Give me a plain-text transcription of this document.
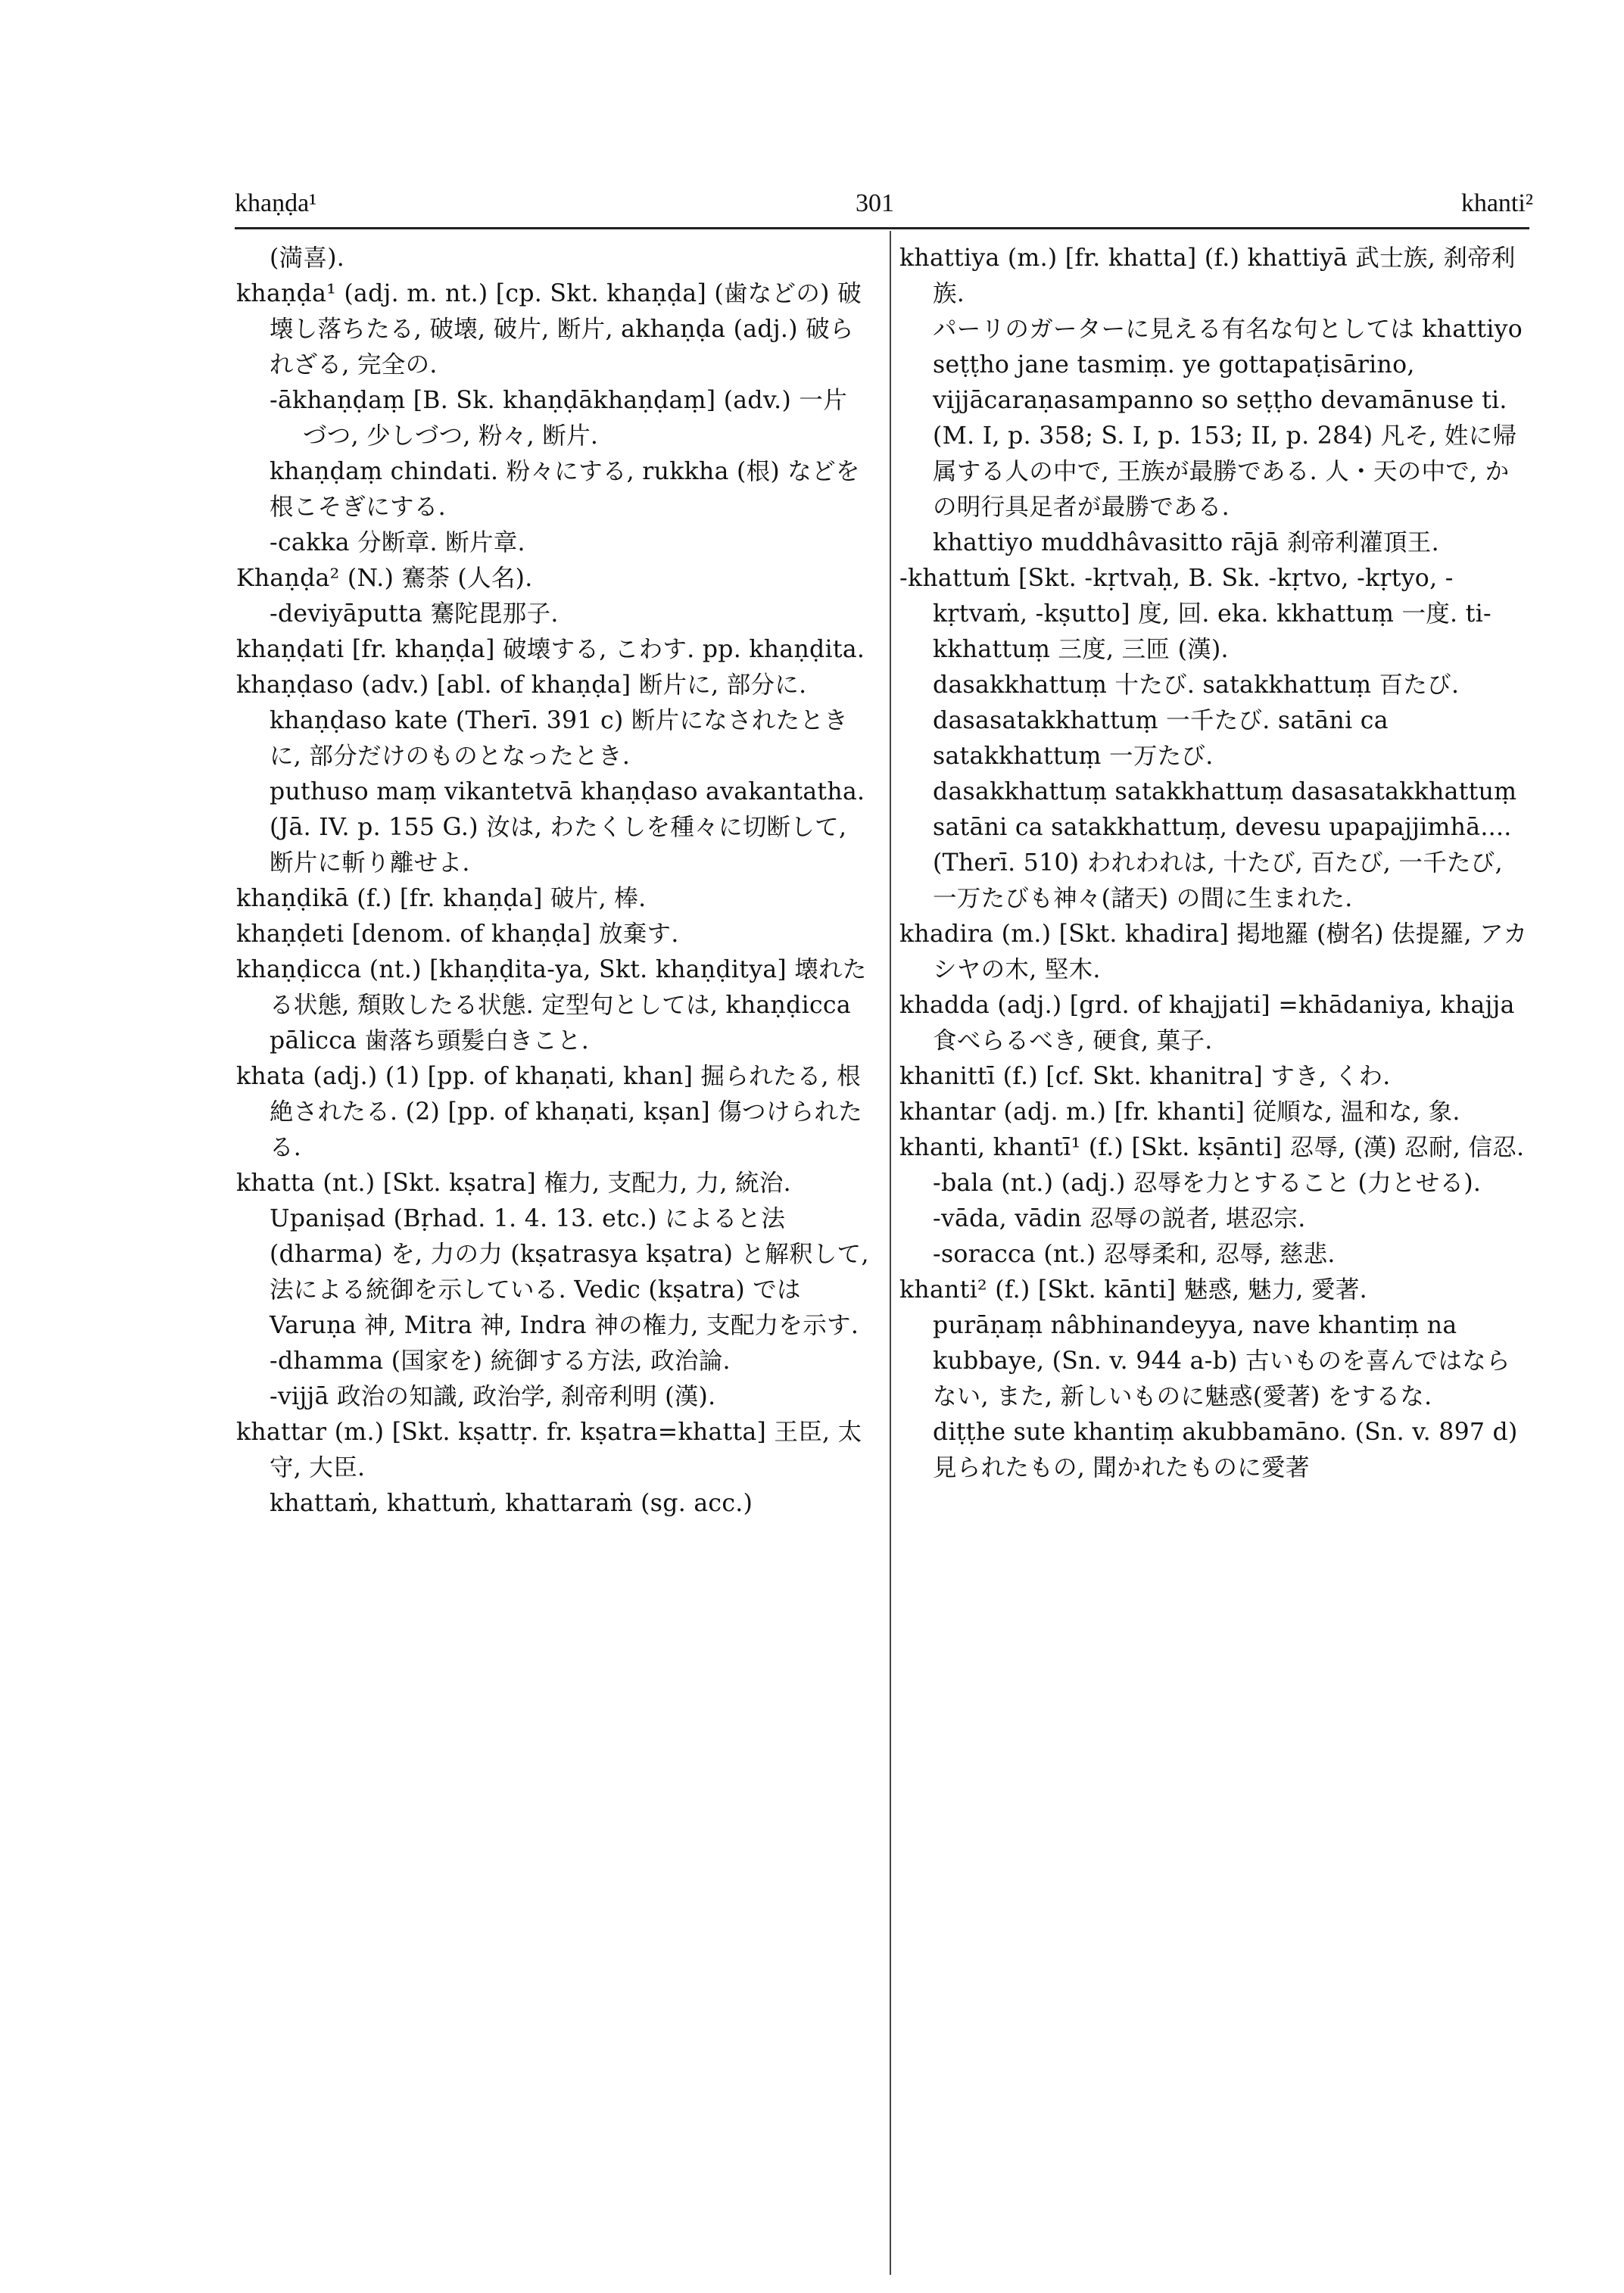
khaṇḍa¹	301	khanti²

(満喜).

khaṇḍa¹ (adj. m. nt.) [cp. Skt. khaṇḍa] (歯などの) 破壊し落ちたる, 破壊, 破片, 断片, akhaṇḍa (adj.) 破られざる, 完全の.

-ākhaṇḍaṃ [B. Sk. khaṇḍākhaṇḍaṃ] (adv.) 一片づつ, 少しづつ, 粉々, 断片.

khaṇḍaṃ chindati. 粉々にする, rukkha (根) などを根こそぎにする.

-cakka 分断章. 断片章.

Khaṇḍa² (N.) 騫荼 (人名).

-deviyāputta 騫陀毘那子.

khaṇḍati [fr. khaṇḍa] 破壊する, こわす. pp. khaṇḍita.

khaṇḍaso (adv.) [abl. of khaṇḍa] 断片に, 部分に.

khaṇḍaso kate (Therī. 391 c) 断片になされたときに, 部分だけのものとなったとき.

puthuso maṃ vikantetvā khaṇḍaso avakantatha. (Jā. IV. p. 155 G.) 汝は, わたくしを種々に切断して, 断片に斬り離せよ.

khaṇḍikā (f.) [fr. khaṇḍa] 破片, 棒.

khaṇḍeti [denom. of khaṇḍa] 放棄す.

khaṇḍicca (nt.) [khaṇḍita-ya, Skt. khaṇḍitya] 壊れたる状態, 頽敗したる状態. 定型句としては, khaṇḍicca pālicca 歯落ち頭髪白きこと.

khata (adj.) (1) [pp. of khaṇati, khan] 掘られたる, 根絶されたる. (2) [pp. of khaṇati, kṣan] 傷つけられたる.

khatta (nt.) [Skt. kṣatra] 権力, 支配力, 力, 統治. Upaniṣad (Bṛhad. 1. 4. 13. etc.) によると法 (dharma) を, 力の力 (kṣatrasya kṣatra) と解釈して, 法による統御を示している. Vedic (kṣatra) では Varuṇa 神, Mitra 神, Indra 神の権力, 支配力を示す.

-dhamma (国家を) 統御する方法, 政治論.

-vijjā 政治の知識, 政治学, 刹帝利明 (漢).

khattar (m.) [Skt. kṣattṛ. fr. kṣatra=khatta] 王臣, 太守, 大臣.

khattaṁ, khattuṁ, khattaraṁ (sg. acc.)

khattiya (m.) [fr. khatta] (f.) khattiyā 武士族, 刹帝利族.

パーリのガーターに見える有名な句としては khattiyo seṭṭho jane tasmiṃ. ye gottapaṭisārino, vijjācaraṇasampanno so seṭṭho devamānuse ti. (M. I, p. 358; S. I, p. 153; II, p. 284) 凡そ, 姓に帰属する人の中で, 王族が最勝である. 人・天の中で, かの明行具足者が最勝である.

khattiyo muddhâvasitto rājā 刹帝利灌頂王.

-khattuṁ [Skt. -kṛtvaḥ, B. Sk. -kṛtvo, -kṛtyo, -kṛtvaṁ, -kṣutto] 度, 回. eka. kkhattuṃ 一度. ti-kkhattuṃ 三度, 三匝 (漢).

dasakkhattuṃ 十たび. satakkhattuṃ 百たび. dasasatakkhattuṃ 一千たび. satāni ca satakkhattuṃ 一万たび.

dasakkhattuṃ satakkhattuṃ dasasatakkhattuṃ satāni ca satakkhattuṃ, devesu upapajjimhā.... (Therī. 510) われわれは, 十たび, 百たび, 一千たび, 一万たびも神々(諸天) の間に生まれた.

khadira (m.) [Skt. khadira] 掲地羅 (樹名) 佉提羅, アカシヤの木, 堅木.

khadda (adj.) [grd. of khajjati] =khādaniya, khajja 食べらるべき, 硬食, 菓子.

khanittī (f.) [cf. Skt. khanitra] すき, くわ.

khantar (adj. m.) [fr. khanti] 従順な, 温和な, 象.

khanti, khantī¹ (f.) [Skt. kṣānti] 忍辱, (漢) 忍耐, 信忍.

-bala (nt.) (adj.) 忍辱を力とすること (力とせる).

-vāda, vādin 忍辱の説者, 堪忍宗.

-soracca (nt.) 忍辱柔和, 忍辱, 慈悲.

khanti² (f.) [Skt. kānti] 魅惑, 魅力, 愛著.

purāṇaṃ nâbhinandeyya, nave khantiṃ na kubbaye, (Sn. v. 944 a-b) 古いものを喜んではならない, また, 新しいものに魅惑(愛著) をするな.

diṭṭhe sute khantiṃ akubbamāno. (Sn. v. 897 d) 見られたもの, 聞かれたものに愛著
